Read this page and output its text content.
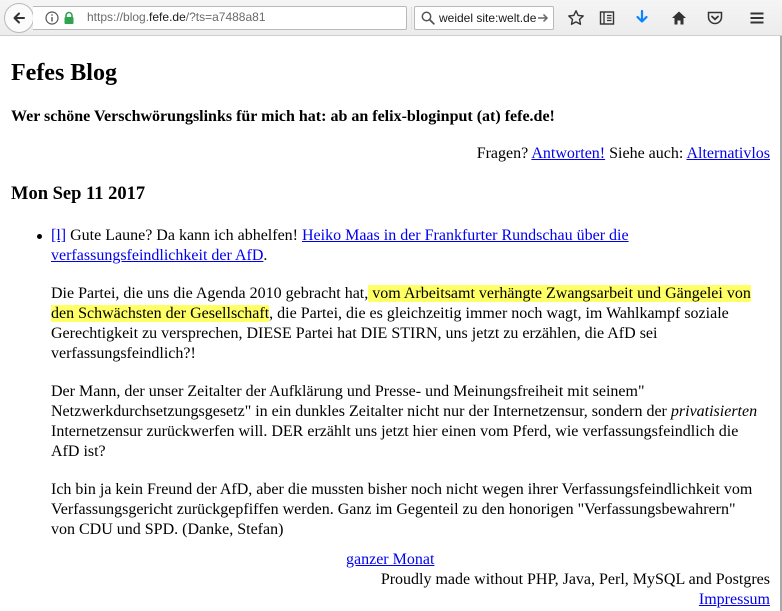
https://blog.fefe.de/?ts=a7488a81	weidel site:welt.de
Fefes Blog
Wer schöne Verschwörungslinks für mich hat: ab an felix-bloginput (at) fefe.de!
Fragen? Antworten! Siehe auch: Alternativlos
Mon Sep 11 2017

[l] Gute Laune? Da kann ich abhelfen! Heiko Maas in der Frankfurter Rundschau über die verfassungsfeindlichkeit der AfD.

Die Partei, die uns die Agenda 2010 gebracht hat, vom Arbeitsamt verhängte Zwangsarbeit und Gängelei von den Schwächsten der Gesellschaft, die Partei, die es gleichzeitig immer noch wagt, im Wahlkampf soziale Gerechtigkeit zu versprechen, DIESE Partei hat DIE STIRN, uns jetzt zu erzählen, die AfD sei verfassungsfeindlich?!

Der Mann, der unser Zeitalter der Aufklärung und Presse- und Meinungsfreiheit mit seinem" Netzwerkdurchsetzungsgesetz" in ein dunkles Zeitalter nicht nur der Internetzensur, sondern der privatisierten Internetzensur zurückwerfen will. DER erzählt uns jetzt hier einen vom Pferd, wie verfassungsfeindlich die AfD ist?

Ich bin ja kein Freund der AfD, aber die mussten bisher noch nicht wegen ihrer Verfassungsfeindlichkeit vom Verfassungsgericht zurückgepfiffen werden. Ganz im Gegenteil zu den honorigen "Verfassungsbewahrern" von CDU und SPD. (Danke, Stefan)

ganzer Monat
Proudly made without PHP, Java, Perl, MySQL and Postgres
Impressum
